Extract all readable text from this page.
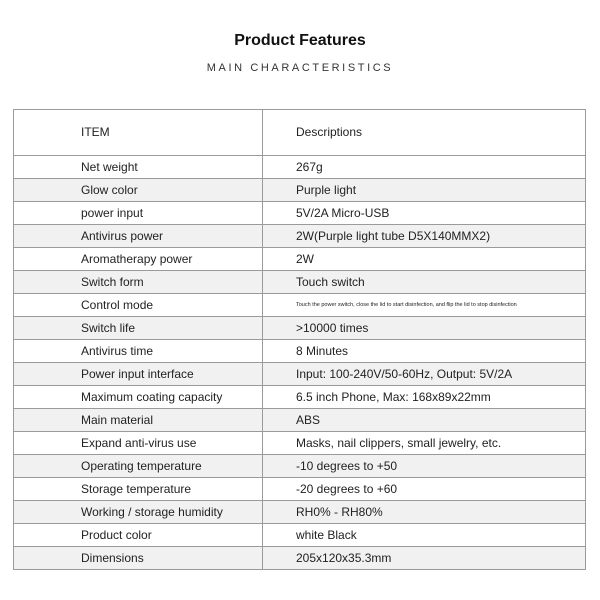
Product Features
MAIN CHARACTERISTICS
ITEM	Descriptions
Net weight	267g
Glow color	Purple light
power input	5V/2A Micro-USB
Antivirus power	2W(Purple light tube D5X140MMX2)
Aromatherapy power	2W
Switch form	Touch switch
Control mode	Touch the power switch, close the lid to start disinfection, and flip the lid to stop disinfection
Switch life	>10000 times
Antivirus time	8 Minutes
Power input interface	Input: 100-240V/50-60Hz, Output: 5V/2A
Maximum coating capacity	6.5 inch Phone, Max: 168x89x22mm
Main material	ABS
Expand anti-virus use	Masks, nail clippers, small jewelry, etc.
Operating temperature	-10 degrees to +50
Storage temperature	-20 degrees to +60
Working / storage humidity	RH0% - RH80%
Product color	white Black
Dimensions	205x120x35.3mm
